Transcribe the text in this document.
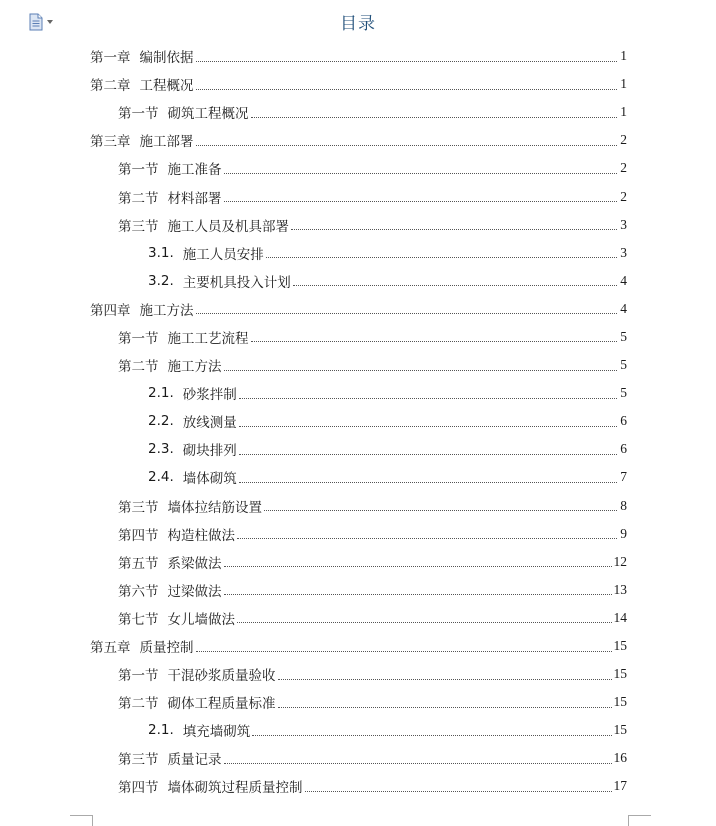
目录
第一章 编制依据	1
第二章 工程概况	1
第一节 砌筑工程概况	1
第三章 施工部署	2
第一节 施工准备	2
第二节 材料部署	2
第三节 施工人员及机具部署	3
3.1. 施工人员安排	3
3.2. 主要机具投入计划	4
第四章 施工方法	4
第一节 施工工艺流程	5
第二节 施工方法	5
2.1. 砂浆拌制	5
2.2. 放线测量	6
2.3. 砌块排列	6
2.4. 墙体砌筑	7
第三节 墙体拉结筋设置	8
第四节 构造柱做法	9
第五节 系梁做法	12
第六节 过梁做法	13
第七节 女儿墙做法	14
第五章 质量控制	15
第一节 干混砂浆质量验收	15
第二节 砌体工程质量标准	15
2.1. 填充墙砌筑	15
第三节 质量记录	16
第四节 墙体砌筑过程质量控制	17
